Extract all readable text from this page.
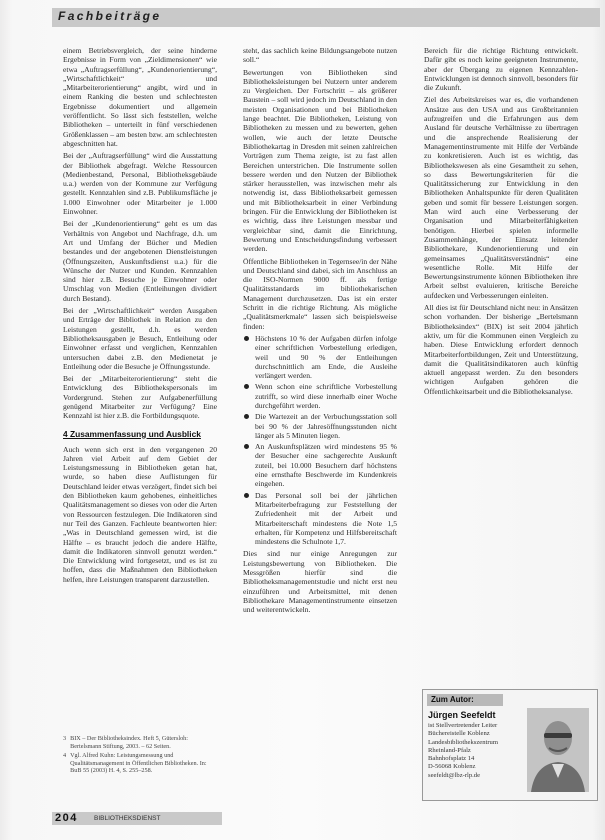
Fachbeiträge

einem Betriebsvergleich, der seine hinderne Ergebnisse in Form von „Zieldimensionen“ wie etwa „Auftragserfüllung“, „Kundenorientierung“, „Wirtschaftlichkeit“ und „Mitarbeiterorientierung“ angibt, wird und in einem Ranking die besten und schlechtesten Ergebnisse dokumentiert und allgemein veröffentlicht. So lässt sich feststellen, welche Bibliotheken – unterteilt in fünf verschiedenen Größenklassen – am besten bzw. am schlechtesten abgeschnitten hat.

Bei der „Auftragserfüllung“ wird die Ausstattung der Bibliothek abgefragt. Welche Ressourcen (Medienbestand, Personal, Bibliotheksgebäude u.a.) werden von der Kommune zur Verfügung gestellt. Kennzahlen sind z.B. Publikumsfläche je 1.000 Einwohner oder Mitarbeiter je 1.000 Einwohner.

Bei der „Kundenorientierung“ geht es um das Verhältnis von Angebot und Nachfrage, d.h. um Art und Umfang der Bücher und Medien bestandes und der angebotenen Dienstleistungen (Öffnungszeiten, Auskunftsdienst u.a.) für die Wünsche der Nutzer und Kunden. Kennzahlen sind hier z.B. Besuche je Einwohner oder Umschlag von Medien (Entleihungen dividiert durch Bestand).

Bei der „Wirtschaftlichkeit“ werden Ausgaben und Erträge der Bibliothek in Relation zu den Leistungen gestellt, d.h. es werden Bibliotheksausgaben je Besuch, Entleihung oder Einwohner erfasst und verglichen, Kennzahlen untersuchen dabei z.B. den Medienetat je Entleihung oder die Besuche je Öffnungsstunde.

Bei der „Mitarbeiterorientierung“ steht die Entwicklung des Bibliothekspersonals im Vordergrund. Stehen zur Aufgabenerfüllung genügend Mitarbeiter zur Verfügung? Eine Kennzahl ist hier z.B. die Fortbildungsquote.

4 Zusammenfassung und Ausblick

Auch wenn sich erst in den vergangenen 20 Jahren viel Arbeit auf dem Gebiet der Leistungsmessung in Bibliotheken getan hat, wurde, so haben diese Auflistungen für Deutschland leider etwas verzögert, findet sich bei den Bibliotheken kaum gehobenes, einheitliches Qualitätsmanagement so dieses von oder die Arten von Ressourcen festzulegen. Die Indikatoren sind nur Teil des Ganzen. Fachleute beantworten hier: „Was in Deutschland gemessen wird, ist die Hälfte – es braucht jedoch die andere Hälfte, damit die Indikatoren sinnvoll genutzt werden.“ Die Entwicklung wird fortgesetzt, und es ist zu hoffen, dass die Maßnahmen den Bibliotheken helfen, ihre Leistungen transparent darzustellen.

3 BIX – Der Bibliotheksindex. Heft 5, Gütersloh: Bertelsmann Stiftung, 2003. – 62 Seiten.
4 Vgl. Alfred Kuhn: Leistungsmessung und Qualitätsmanagement in Öffentlichen Bibliotheken. In: BuB 55 (2003) H. 4, S. 255–258.

steht, das sachlich keine Bildungsangebote nutzen soll.“

Bewertungen von Bibliotheken sind Bibliotheksleistungen bei Nutzern unter anderem zu Vergleichen. Der Fortschritt – als größerer Baustein – soll wird jedoch im Deutschland in den meisten Organisationen und bei Bibliotheken lange beachtet. Die Bibliotheken, Leistung von Bibliotheken zu messen und zu bewerten, gehen wollen, wie auch der letzte Deutsche Bibliothekartag in Dresden mit seinen zahlreichen Vorträgen zum Thema zeigte, ist zu fast allen Bereichen unterstrichen. Die Instrumente sollen bessere werden und den Nutzen der Bibliothek stärker herausstellen, was inzwischen mehr als notwendig ist, dass Bibliotheksarbeit gemessen und mit Bibliotheksarbeit in einer Verbindung bringen. Für die Entwicklung der Bibliotheken ist es wichtig, dass ihre Leistungen messbar und vergleichbar sind, damit die Einrichtung, Bewertung und Entscheidungsfindung verbessert werden.

Öffentliche Bibliotheken in Tegernsee/in der Nähe und Deutschland sind dabei, sich im Anschluss an die ISO-Normen 9000 ff. als fertige Qualitätsstandards im bibliothekarischen Management durchzusetzen. Das ist ein erster Schritt in die richtige Richtung. Als mögliche „Qualitätsmerkmale“ lassen sich beispielsweise finden:

Höchstens 10 % der Aufgaben dürfen infolge einer schriftlichen Vorbestellung erledigen, weil und 90 % der Entleihungen durchschnittlich am Ende, die Ausleihe verlängert werden.
Wenn schon eine schriftliche Vorbestellung zutrifft, so wird diese innerhalb einer Woche durchgeführt werden.
Die Wartezeit an der Verbuchungsstation soll bei 90 % der Jahresöffnungsstunden nicht länger als 5 Minuten liegen.
An Auskunftsplätzen wird mindestens 95 % der Besucher eine sachgerechte Auskunft zuteil, bei 10.000 Besuchern darf höchstens eine ernsthafte Beschwerde im Kundenkreis eingehen.
Das Personal soll bei der jährlichen Mitarbeiterbefragung zur Feststellung der Zufriedenheit mit der Arbeit und Mitarbeiterschaft mindestens die Note 1,5 erhalten, für Kompetenz und Hilfsbereitschaft mindestens die Schulnote 1,7.

Dies sind nur einige Anregungen zur Leistungsbewertung von Bibliotheken. Die Messgrößen hierfür sind die Bibliotheksmanagementstudie und nicht erst neu einzuführen und Arbeitsmittel, mit denen Bibliothekare Managementinstrumente einsetzen und weiterentwickeln.

Bereich für die richtige Richtung entwickelt. Dafür gibt es noch keine geeigneten Instrumente, aber der Übergang zu eigenen Kennzahlen-Entwicklungen ist dennoch sinnvoll, besonders für die Zukunft.

Ziel des Arbeitskreises war es, die vorhandenen Ansätze aus den USA und aus Großbritannien aufzugreifen und die Erfahrungen aus dem Ausland für deutsche Verhältnisse zu übertragen und die ansprechende Realisierung der Managementinstrumente mit Hilfe der Verbände zu konkretisieren. Auch ist es wichtig, das Bibliothekswesen als eine Gesamtheit zu sehen, so dass Bewertungskriterien für die Qualitätssicherung zur Entwicklung in den Bibliotheken Anhaltspunkte für deren Qualitäten geben und somit für bessere Leistungen sorgen. Man wird auch eine Verbesserung der Organisation und Mitarbeiterfähigkeiten benötigen. Hierbei spielen informelle Zusammenhänge, der Einsatz leitender Bibliothekare, Kundenorientierung und ein gemeinsames „Qualitätsverständnis“ eine wesentliche Rolle. Mit Hilfe der Bewertungsinstrumente können Bibliotheken ihre Arbeit selbst evaluieren, kritische Bereiche aufdecken und Verbesserungen einleiten.

All dies ist für Deutschland nicht neu: in Ansätzen schon vorhanden. Der bisherige „Bertelsmann Bibliotheksindex“ (BIX) ist seit 2004 jährlich aktiv, um für die Kommunen einen Vergleich zu haben. Diese Entwicklung erfordert dennoch Mitarbeiterfortbildungen, Zeit und Unterstützung, damit die Qualitätsindikatoren auch künftig aktuell angepasst werden. Zu den besonders wichtigen Aufgaben gehören die Öffentlichkeitsarbeit und die Bibliotheksanalyse.

Zum Autor:
Jürgen Seefeldt
ist Stellvertretender Leiter
Büchereistelle Koblenz
Landesbibliothekszentrum
Rheinland-Pfalz
Bahnhofsplatz 14
D-56068 Koblenz
seefeldt@lbz-rlp.de
204 BIBLIOTHEKSDIENST
